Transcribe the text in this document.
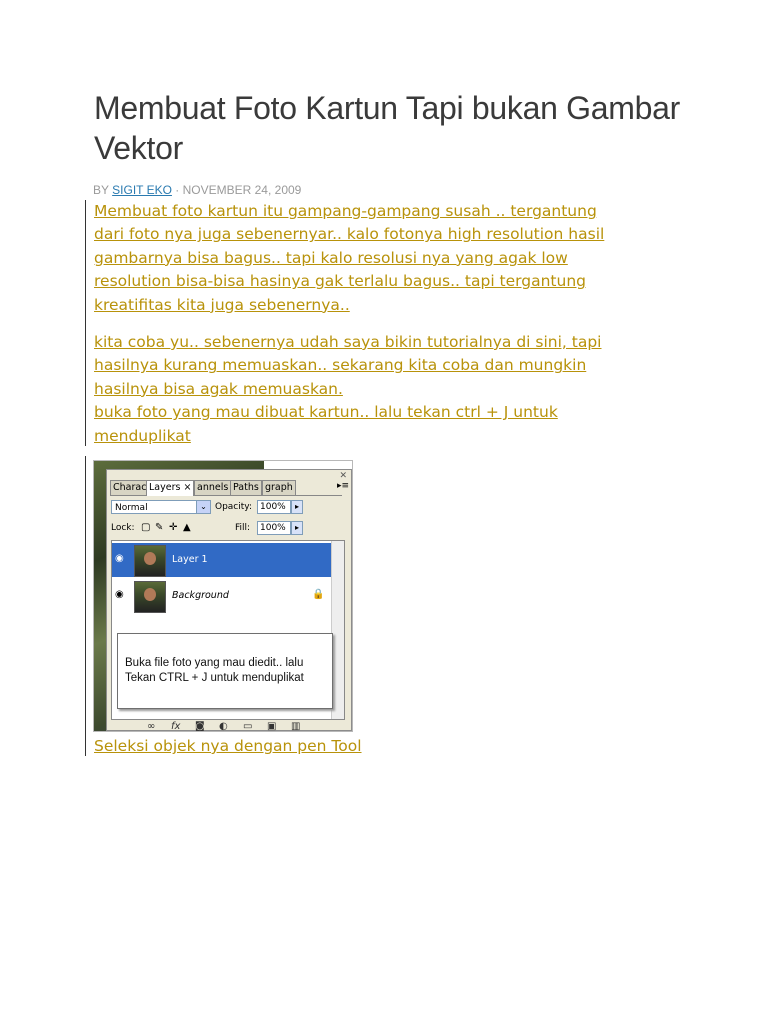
Membuat Foto Kartun Tapi bukan Gambar Vektor
BY SIGIT EKO · NOVEMBER 24, 2009

Membuat foto kartun itu gampang-gampang susah .. tergantung
dari foto nya juga sebenernyar.. kalo fotonya high resolution hasil
gambarnya bisa bagus.. tapi kalo resolusi nya yang agak low
resolution bisa-bisa hasinya gak terlalu bagus.. tapi tergantung
kreatifitas kita juga sebenernya..

kita coba yu.. sebenernya udah saya bikin tutorialnya di sini, tapi
hasilnya kurang memuaskan.. sekarang kita coba dan mungkin
hasilnya bisa agak memuaskan.
buka foto yang mau dibuat kartun.. lalu tekan ctrl + J untuk
menduplikat

✕
Charac Layers × annels Paths graph	▸≡
Normal	⌄ Opacity: 100%	▸
Lock: ▢ ✎ ✛ ▲	Fill:	100%	▸
◉	Layer 1
◉	Background	🔒
Buka file foto yang mau diedit.. lalu Tekan CTRL + J untuk menduplikat
∞ fx ◙ ◐ ▭ ▣ ▥

Seleksi objek nya dengan pen Tool
